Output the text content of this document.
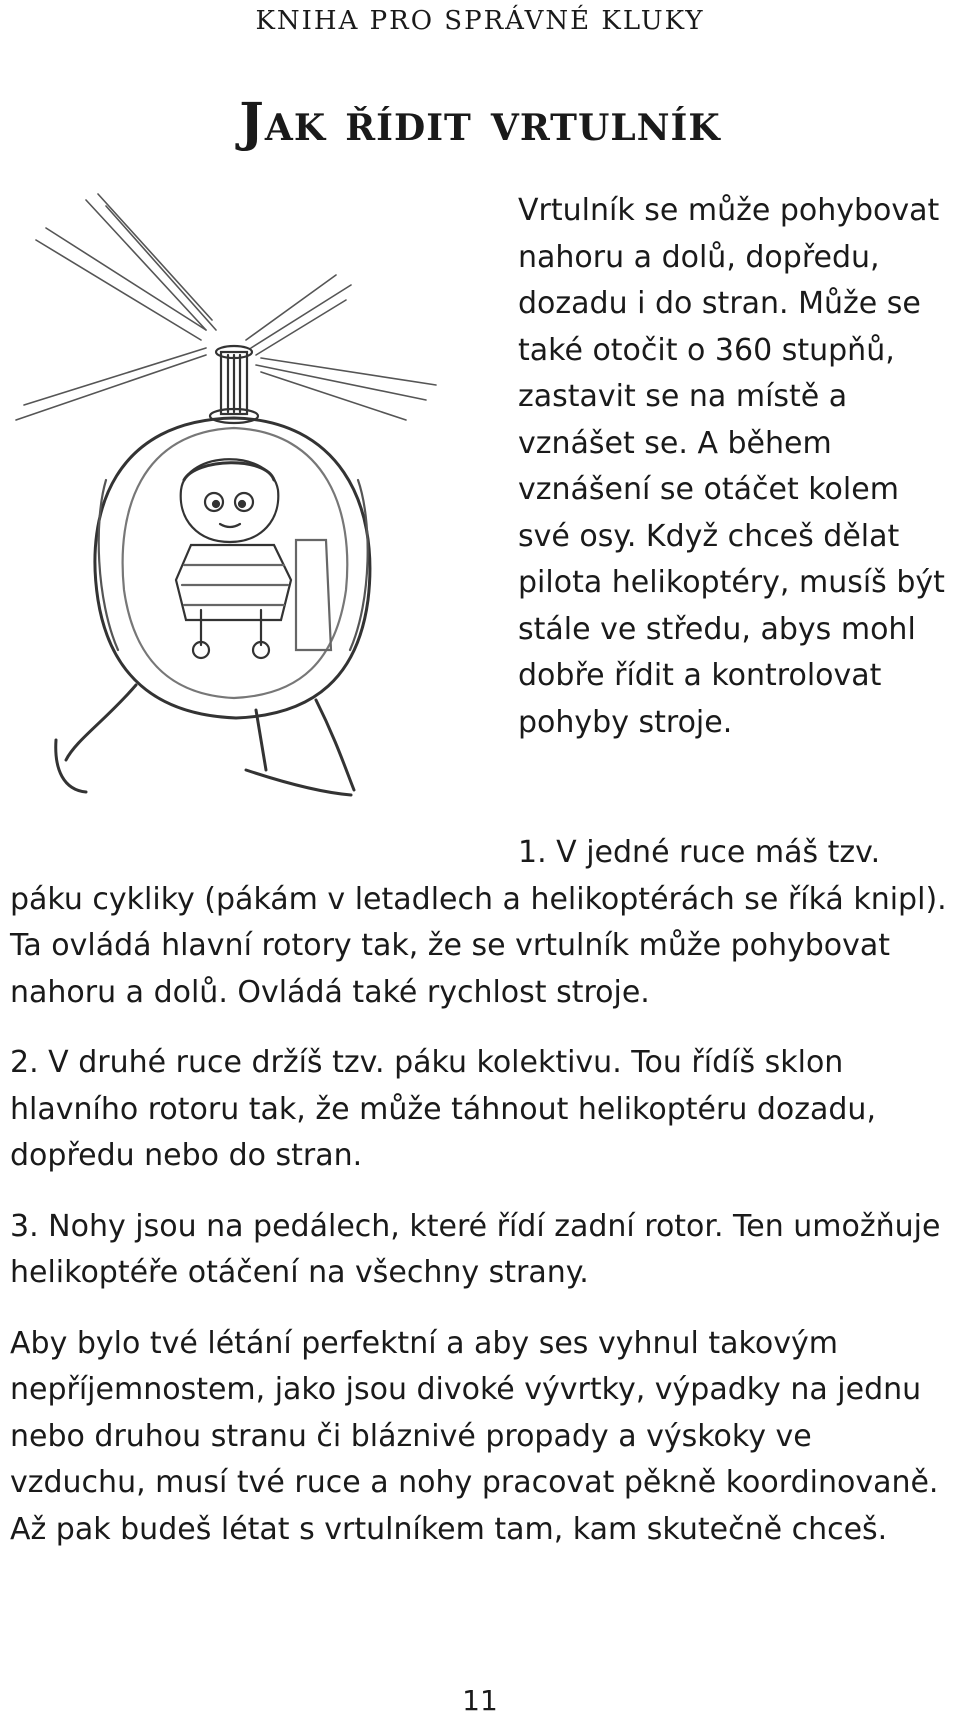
KNIHA PRO SPRÁVNÉ KLUKY
Jak řídit vrtulník

Vrtulník se může pohybovat nahoru a dolů, dopředu, dozadu i do stran. Může se také otočit o 360 stupňů, zastavit se na místě a vznášet se. A během vznášení se otáčet kolem své osy. Když chceš dělat pilota helikoptéry, musíš být stále ve středu, abys mohl dobře řídit a kontrolovat pohyby stroje.

1. V jedné ruce máš tzv.
páku cykliky (pákám v letadlech a helikoptérách se říká knipl). Ta ovládá hlavní rotory tak, že se vrtulník může pohybovat nahoru a dolů. Ovládá také rychlost stroje.

2. V druhé ruce držíš tzv. páku kolektivu. Tou řídíš sklon hlavního rotoru tak, že může táhnout helikoptéru dozadu, dopředu nebo do stran.

3. Nohy jsou na pedálech, které řídí zadní rotor. Ten umožňuje helikoptéře otáčení na všechny strany.

Aby bylo tvé létání perfektní a aby ses vyhnul takovým nepříjemnostem, jako jsou divoké vývrtky, výpadky na jednu nebo druhou stranu či bláznivé propady a výskoky ve vzduchu, musí tvé ruce a nohy pracovat pěkně koordinovaně. Až pak budeš létat s vrtulníkem tam, kam skutečně chceš.

11
